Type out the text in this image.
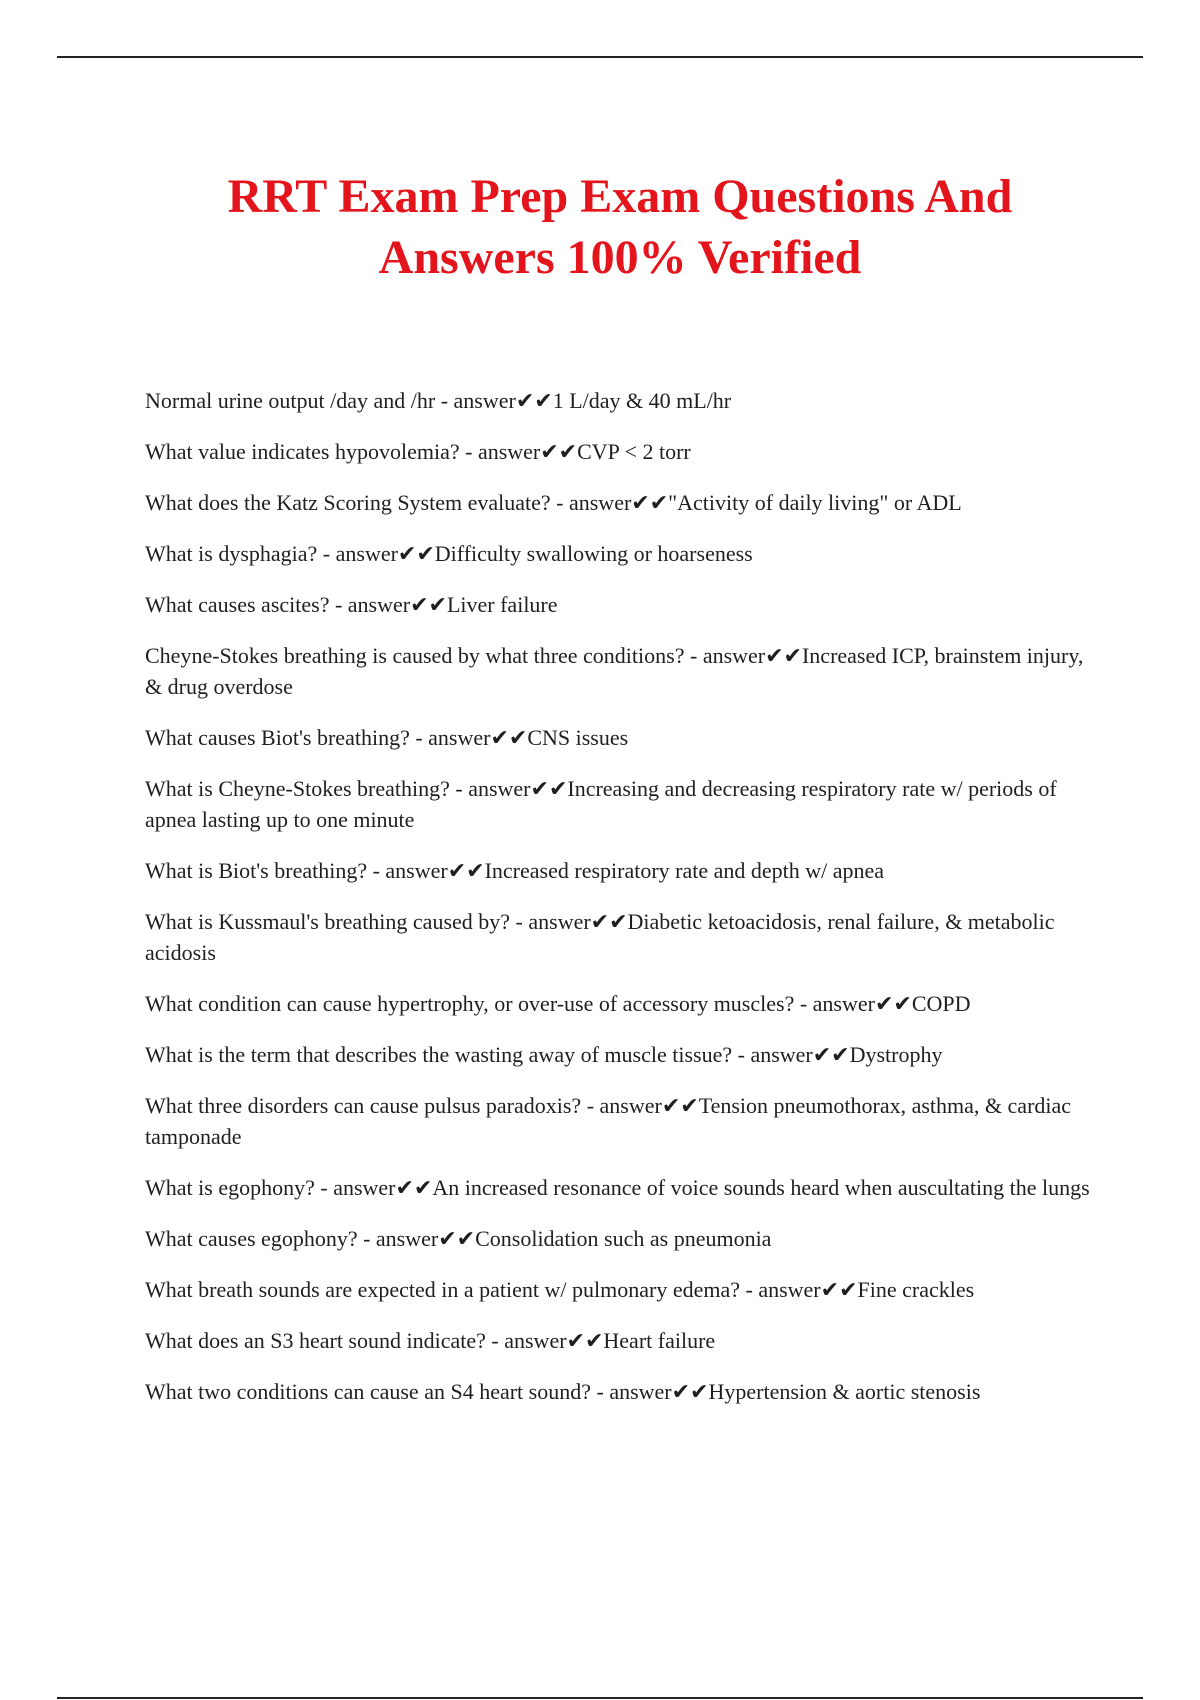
RRT Exam Prep Exam Questions And Answers 100% Verified
Normal urine output /day and /hr - answer✔✔1 L/day & 40 mL/hr
What value indicates hypovolemia? - answer✔✔CVP < 2 torr
What does the Katz Scoring System evaluate? - answer✔✔"Activity of daily living" or ADL
What is dysphagia? - answer✔✔Difficulty swallowing or hoarseness
What causes ascites? - answer✔✔Liver failure
Cheyne-Stokes breathing is caused by what three conditions? - answer✔✔Increased ICP, brainstem injury, & drug overdose
What causes Biot's breathing? - answer✔✔CNS issues
What is Cheyne-Stokes breathing? - answer✔✔Increasing and decreasing respiratory rate w/ periods of apnea lasting up to one minute
What is Biot's breathing? - answer✔✔Increased respiratory rate and depth w/ apnea
What is Kussmaul's breathing caused by? - answer✔✔Diabetic ketoacidosis, renal failure, & metabolic acidosis
What condition can cause hypertrophy, or over-use of accessory muscles? - answer✔✔COPD
What is the term that describes the wasting away of muscle tissue? - answer✔✔Dystrophy
What three disorders can cause pulsus paradoxis? - answer✔✔Tension pneumothorax, asthma, & cardiac tamponade
What is egophony? - answer✔✔An increased resonance of voice sounds heard when auscultating the lungs
What causes egophony? - answer✔✔Consolidation such as pneumonia
What breath sounds are expected in a patient w/ pulmonary edema? - answer✔✔Fine crackles
What does an S3 heart sound indicate? - answer✔✔Heart failure
What two conditions can cause an S4 heart sound? - answer✔✔Hypertension & aortic stenosis
